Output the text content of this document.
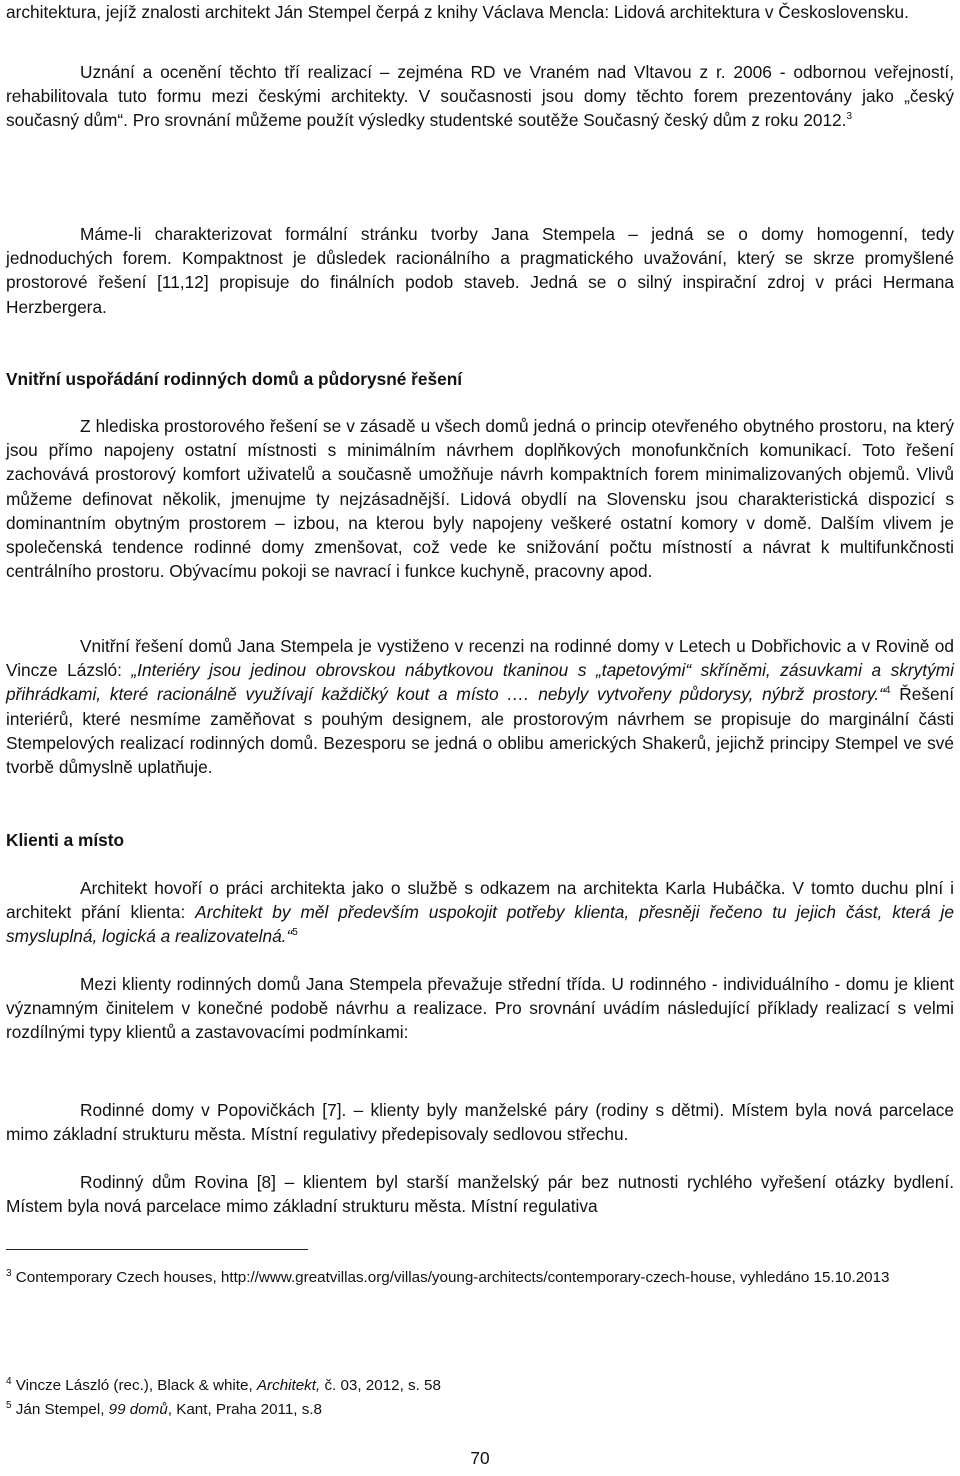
architektura, jejíž znalosti architekt Ján Stempel čerpá z knihy Václava Mencla: Lidová architektura v Československu.

Uznání a ocenění těchto tří realizací – zejména RD ve Vraném nad Vltavou z r. 2006 - odbornou veřejností, rehabilitovala tuto formu mezi českými architekty. V současnosti jsou domy těchto forem prezentovány jako „český současný dům“. Pro srovnání můžeme použít výsledky studentské soutěže Současný český dům z roku 2012.$^3$

Máme-li charakterizovat formální stránku tvorby Jana Stempela – jedná se o domy homogenní, tedy jednoduchých forem. Kompaktnost je důsledek racionálního a pragmatického uvažování, který se skrze promyšlené prostorové řešení [11,12] propisuje do finálních podob staveb. Jedná se o silný inspirační zdroj v práci Hermana Herzbergera.

Vnitřní uspořádání rodinných domů a půdorysné řešení

Z hlediska prostorového řešení se v zásadě u všech domů jedná o princip otevřeného obytného prostoru, na který jsou přímo napojeny ostatní místnosti s minimálním návrhem doplňkových monofunkčních komunikací. Toto řešení zachovává prostorový komfort uživatelů a současně umožňuje návrh kompaktních forem minimalizovaných objemů. Vlivů můžeme definovat několik, jmenujme ty nejzásadnější. Lidová obydlí na Slovensku jsou charakteristická dispozicí s dominantním obytným prostorem – izbou, na kterou byly napojeny veškeré ostatní komory v domě. Dalším vlivem je společenská tendence rodinné domy zmenšovat, což vede ke snižování počtu místností a návrat k multifunkčnosti centrálního prostoru. Obývacímu pokoji se navrací i funkce kuchyně, pracovny apod.

Vnitřní řešení domů Jana Stempela je vystiženo v recenzi na rodinné domy v Letech u Dobřichovic a v Rovině od Vincze Lázsló: „Interiéry jsou jedinou obrovskou nábytkovou tkaninou s „tapetovými“ skříněmi, zásuvkami a skrytými přihrádkami, které racionálně využívají každičký kout a místo .… nebyly vytvořeny půdorysy, nýbrž prostory.“$^4$ Řešení interiérů, které nesmíme zaměňovat s pouhým designem, ale prostorovým návrhem se propisuje do marginální části Stempelových realizací rodinných domů. Bezesporu se jedná o oblibu amerických Shakerů, jejichž principy Stempel ve své tvorbě důmyslně uplatňuje.

Klienti a místo

Architekt hovoří o práci architekta jako o službě s odkazem na architekta Karla Hubáčka. V tomto duchu plní i architekt přání klienta: Architekt by měl především uspokojit potřeby klienta, přesněji řečeno tu jejich část, která je smysluplná, logická a realizovatelná.“$^5$

Mezi klienty rodinných domů Jana Stempela převažuje střední třída. U rodinného - individuálního - domu je klient významným činitelem v konečné podobě návrhu a realizace. Pro srovnání uvádím následující příklady realizací s velmi rozdílnými typy klientů a zastavovacími podmínkami:

Rodinné domy v Popovičkách [7]. – klienty byly manželské páry (rodiny s dětmi). Místem byla nová parcelace mimo základní strukturu města. Místní regulativy předepisovaly sedlovou střechu.

Rodinný dům Rovina [8] – klientem byl starší manželský pár bez nutnosti rychlého vyřešení otázky bydlení. Místem byla nová parcelace mimo základní strukturu města. Místní regulativa

$^3$ Contemporary Czech houses, http://www.greatvillas.org/villas/young-architects/contemporary-czech-house, vyhledáno 15.10.2013

$^4$ Vincze László (rec.), Black & white, Architekt, č. 03, 2012, s. 58

$^5$ Ján Stempel, 99 domů, Kant, Praha 2011, s.8

70
